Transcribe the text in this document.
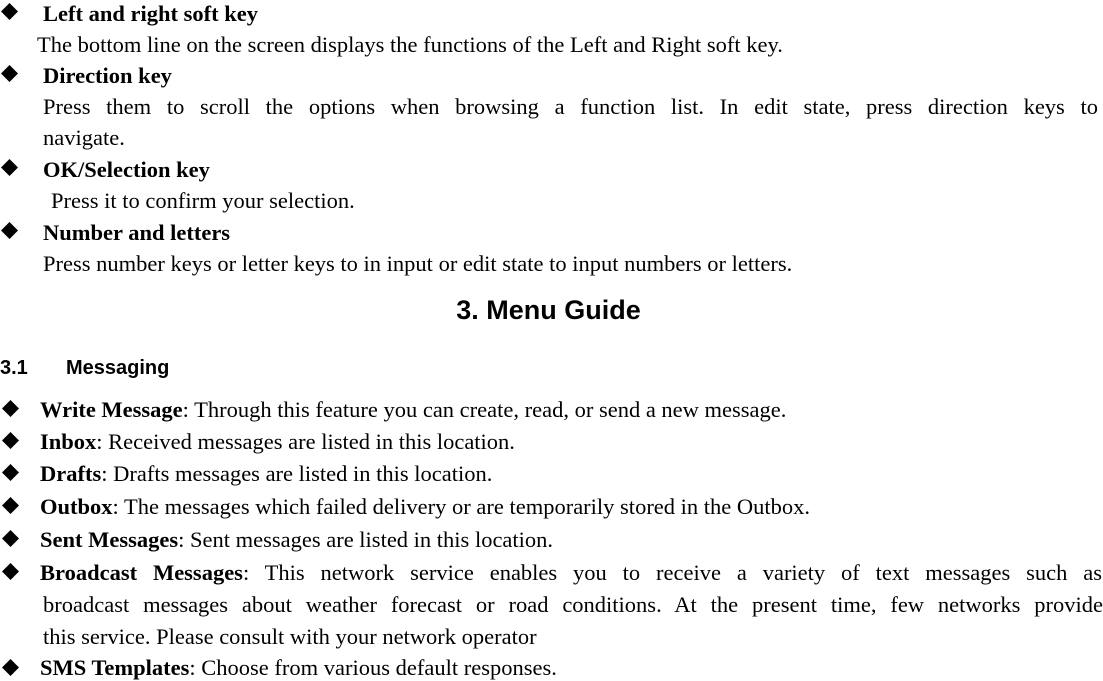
Left and right soft key
The bottom line on the screen displays the functions of the Left and Right soft key.
Direction key
Press them to scroll the options when browsing a function list. In edit state, press direction keys to
navigate.
OK/Selection key
Press it to confirm your selection.
Number and letters
Press number keys or letter keys to in input or edit state to input numbers or letters.
3. Menu Guide
3.1 Messaging
Write Message: Through this feature you can create, read, or send a new message.
Inbox: Received messages are listed in this location.
Drafts: Drafts messages are listed in this location.
Outbox: The messages which failed delivery or are temporarily stored in the Outbox.
Sent Messages: Sent messages are listed in this location.
Broadcast Messages: This network service enables you to receive a variety of text messages such as
broadcast messages about weather forecast or road conditions. At the present time, few networks provide
this service. Please consult with your network operator
SMS Templates: Choose from various default responses.
